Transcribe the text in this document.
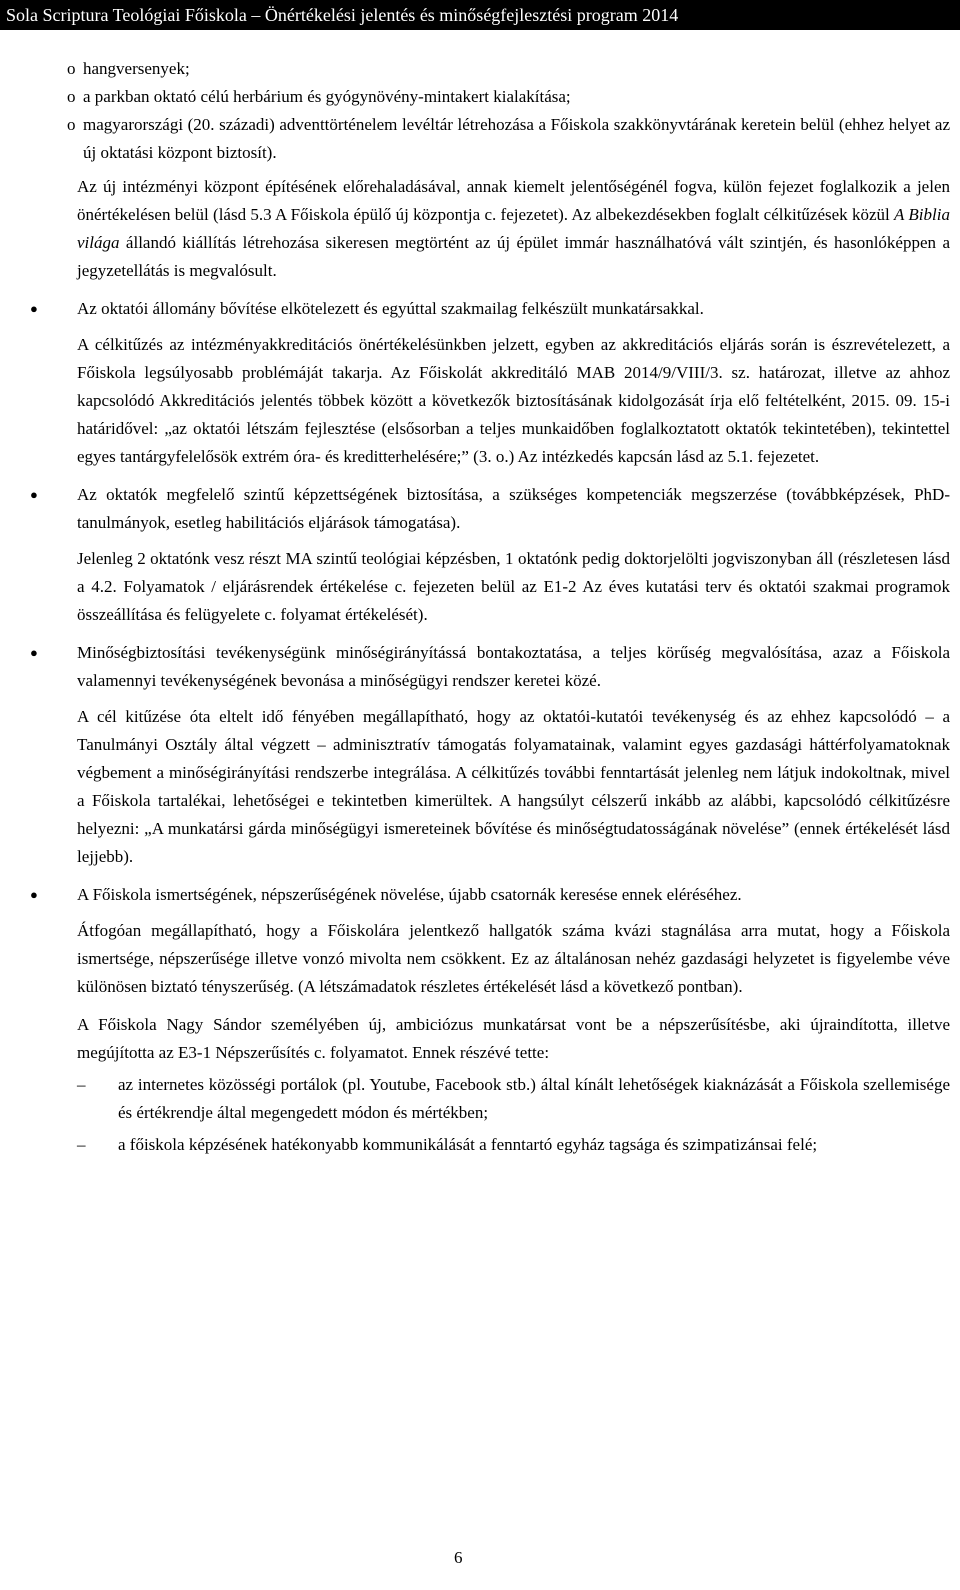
Sola Scriptura Teológiai Főiskola – Önértékelési jelentés és minőségfejlesztési program 2014
o hangversenyek;
o a parkban oktató célú herbárium és gyógynövény-mintakert kialakítása;
o magyarországi (20. századi) adventtörténelem levéltár létrehozása a Főiskola szakkönyvtárának keretein belül (ehhez helyet az új oktatási központ biztosít).
Az új intézményi központ építésének előrehaladásával, annak kiemelt jelentőségénél fogva, külön fejezet foglalkozik a jelen önértékelésen belül (lásd 5.3 A Főiskola épülő új központja c. fejezetet). Az albekezdésekben foglalt célkitűzések közül A Biblia világa állandó kiállítás létrehozása sikeresen megtörtént az új épület immár használhatóvá vált szintjén, és hasonlóképpen a jegyzetellátás is megvalósult.
●	Az oktatói állomány bővítése elkötelezett és egyúttal szakmailag felkészült munkatársakkal.
A célkitűzés az intézményakkreditációs önértékelésünkben jelzett, egyben az akkreditációs eljárás során is észrevételezett, a Főiskola legsúlyosabb problémáját takarja. Az Főiskolát akkreditáló MAB 2014/9/VIII/3. sz. határozat, illetve az ahhoz kapcsolódó Akkreditációs jelentés többek között a következők biztosításának kidolgozását írja elő feltételként, 2015. 09. 15-i határidővel: „az oktatói létszám fejlesztése (elsősorban a teljes munkaidőben foglalkoztatott oktatók tekintetében), tekintettel egyes tantárgyfelelősök extrém óra- és kreditterhelésére;” (3. o.) Az intézkedés kapcsán lásd az 5.1. fejezetet.
●	Az oktatók megfelelő szintű képzettségének biztosítása, a szükséges kompetenciák megszerzése (továbbképzések, PhD-tanulmányok, esetleg habilitációs eljárások támogatása).
Jelenleg 2 oktatónk vesz részt MA szintű teológiai képzésben, 1 oktatónk pedig doktorjelölti jogviszonyban áll (részletesen lásd a 4.2. Folyamatok / eljárásrendek értékelése c. fejezeten belül az E1-2 Az éves kutatási terv és oktatói szakmai programok összeállítása és felügyelete c. folyamat értékelését).
●	Minőségbiztosítási tevékenységünk minőségirányítássá bontakoztatása, a teljes körűség megvalósítása, azaz a Főiskola valamennyi tevékenységének bevonása a minőségügyi rendszer keretei közé.
A cél kitűzése óta eltelt idő fényében megállapítható, hogy az oktatói-kutatói tevékenység és az ehhez kapcsolódó – a Tanulmányi Osztály által végzett – adminisztratív támogatás folyamatainak, valamint egyes gazdasági háttérfolyamatoknak végbement a minőségirányítási rendszerbe integrálása. A célkitűzés további fenntartását jelenleg nem látjuk indokoltnak, mivel a Főiskola tartalékai, lehetőségei e tekintetben kimerültek. A hangsúlyt célszerű inkább az alábbi, kapcsolódó célkitűzésre helyezni: „A munkatársi gárda minőségügyi ismereteinek bővítése és minőségtudatosságának növelése” (ennek értékelését lásd lejjebb).
●	A Főiskola ismertségének, népszerűségének növelése, újabb csatornák keresése ennek eléréséhez.
Átfogóan megállapítható, hogy a Főiskolára jelentkező hallgatók száma kvázi stagnálása arra mutat, hogy a Főiskola ismertsége, népszerűsége illetve vonzó mivolta nem csökkent. Ez az általánosan nehéz gazdasági helyzetet is figyelembe véve különösen biztató tényszerűség. (A létszámadatok részletes értékelését lásd a következő pontban).
A Főiskola Nagy Sándor személyében új, ambiciózus munkatársat vont be a népszerűsítésbe, aki újraindította, illetve megújította az E3-1 Népszerűsítés c. folyamatot. Ennek részévé tette:
–	az internetes közösségi portálok (pl. Youtube, Facebook stb.) által kínált lehetőségek kiaknázását a Főiskola szellemisége és értékrendje által megengedett módon és mértékben;
–	a főiskola képzésének hatékonyabb kommunikálását a fenntartó egyház tagsága és szimpatizánsai felé;
6
